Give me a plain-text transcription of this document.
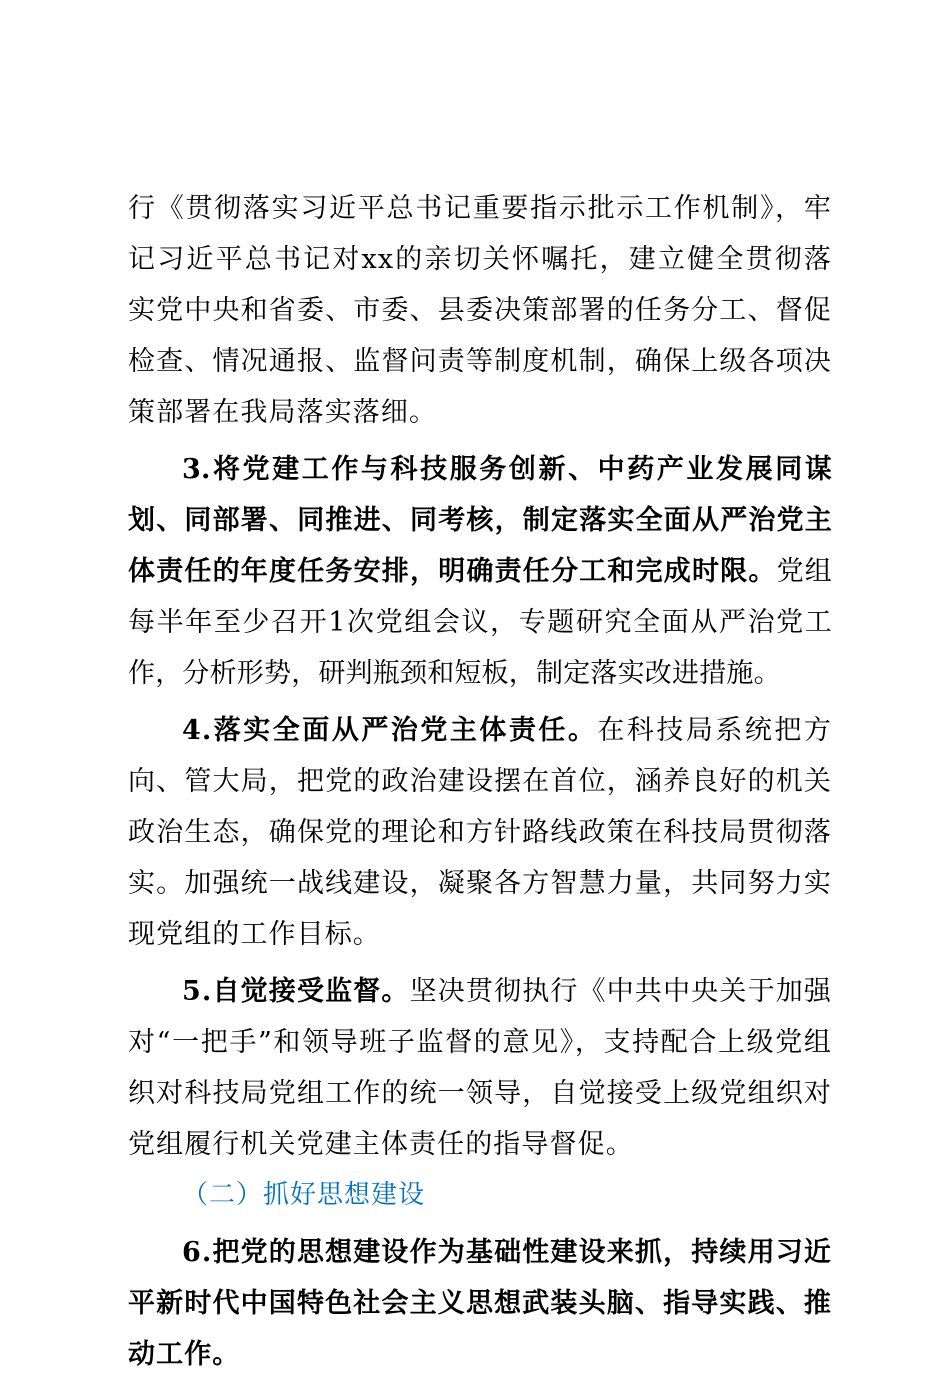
行《贯彻落实习近平总书记重要指示批示工作机制》，牢记习近平总书记对xx的亲切关怀嘱托，建立健全贯彻落实党中央和省委、市委、县委决策部署的任务分工、督促检查、情况通报、监督问责等制度机制，确保上级各项决策部署在我局落实落细。

3.将党建工作与科技服务创新、中药产业发展同谋划、同部署、同推进、同考核，制定落实全面从严治党主体责任的年度任务安排，明确责任分工和完成时限。党组每半年至少召开1次党组会议，专题研究全面从严治党工作，分析形势，研判瓶颈和短板，制定落实改进措施。

4.落实全面从严治党主体责任。在科技局系统把方向、管大局，把党的政治建设摆在首位，涵养良好的机关政治生态，确保党的理论和方针路线政策在科技局贯彻落实。加强统一战线建设，凝聚各方智慧力量，共同努力实现党组的工作目标。

5.自觉接受监督。坚决贯彻执行《中共中央关于加强对“一把手”和领导班子监督的意见》，支持配合上级党组织对科技局党组工作的统一领导，自觉接受上级党组织对党组履行机关党建主体责任的指导督促。

（二）抓好思想建设

6.把党的思想建设作为基础性建设来抓，持续用习近平新时代中国特色社会主义思想武装头脑、指导实践、推动工作。
